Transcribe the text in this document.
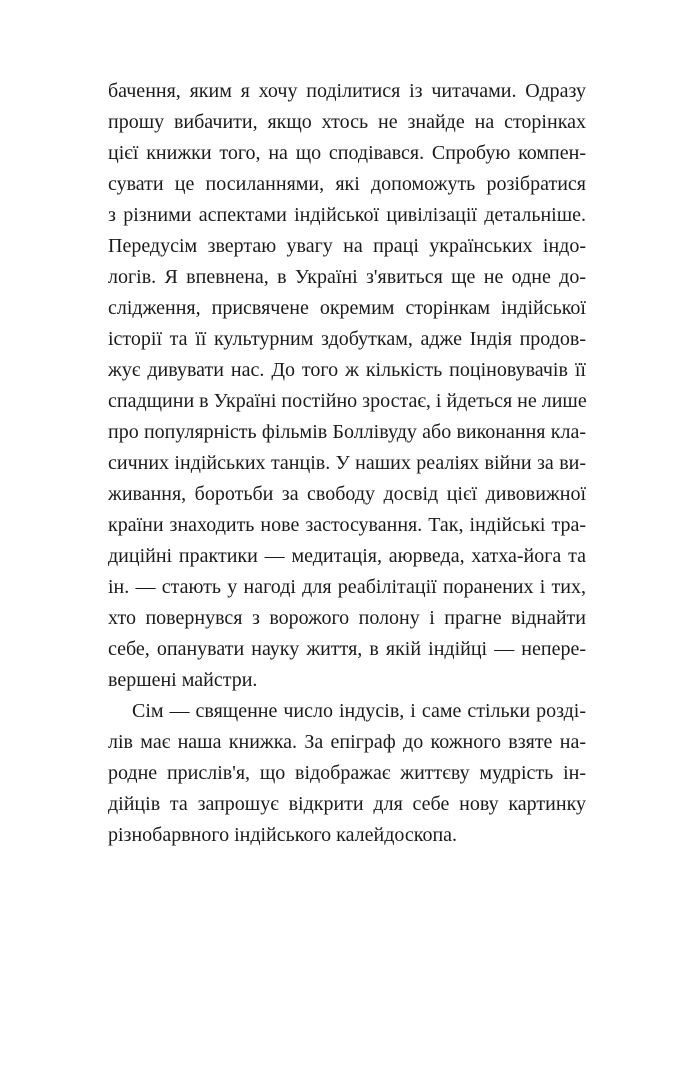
бачення, яким я хочу поділитися із читачами. Одразу
прошу вибачити, якщо хтось не знайде на сторінках
цієї книжки того, на що сподівався. Спробую компен-
сувати це посиланнями, які допоможуть розібратися
з різними аспектами індійської цивілізації детальніше.
Передусім звертаю увагу на праці українських індо-
логів. Я впевнена, в Україні з'явиться ще не одне до-
слідження, присвячене окремим сторінкам індійської
історії та її культурним здобуткам, адже Індія продов-
жує дивувати нас. До того ж кількість поціновувачів її
спадщини в Україні постійно зростає, і йдеться не лише
про популярність фільмів Боллівуду або виконання кла-
сичних індійських танців. У наших реаліях війни за ви-
живання, боротьби за свободу досвід цієї дивовижної
країни знаходить нове застосування. Так, індійські тра-
диційні практики — медитація, аюрведа, хатха-йога та
ін. — стають у нагоді для реабілітації поранених і тих,
хто повернувся з ворожого полону і прагне віднайти
себе, опанувати науку життя, в якій індійці — непере-
вершені майстри.
Сім — священне число індусів, і саме стільки розді-
лів має наша книжка. За епіграф до кожного взяте на-
родне прислів'я, що відображає життєву мудрість ін-
дійців та запрошує відкрити для себе нову картинку
різнобарвного індійського калейдоскопа.
